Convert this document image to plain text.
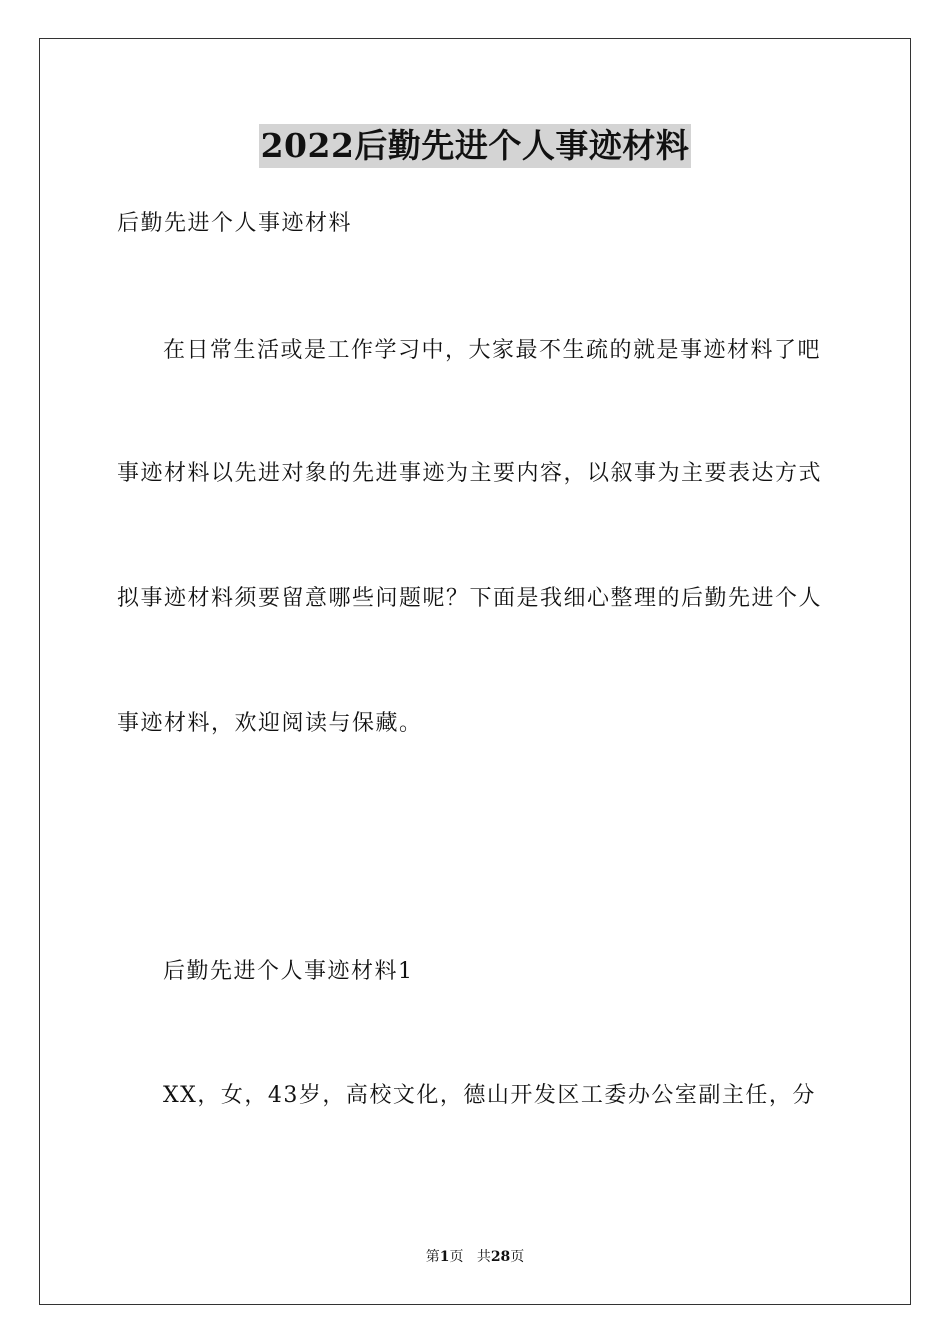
2022后勤先进个人事迹材料
后勤先进个人事迹材料
在日常生活或是工作学习中，大家最不生疏的就是事迹材料了吧
事迹材料以先进对象的先进事迹为主要内容，以叙事为主要表达方式
拟事迹材料须要留意哪些问题呢？下面是我细心整理的后勤先进个人
事迹材料，欢迎阅读与保藏。
后勤先进个人事迹材料1
XX，女，43岁，高校文化，德山开发区工委办公室副主任，分
第1页 共28页
